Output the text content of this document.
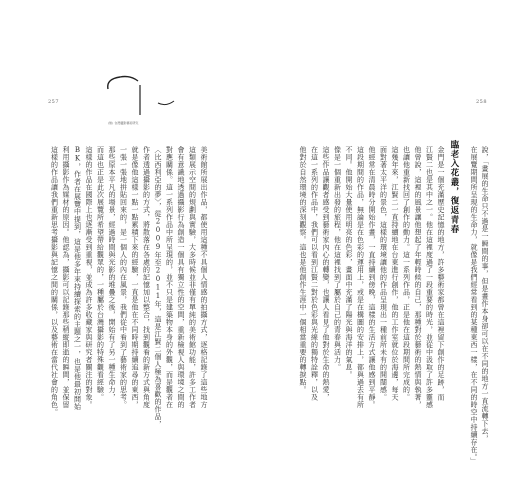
257
(無) 台灣攝影藝術研究
美術館所展出作品，都使用這種不具個人情感的拍攝方式，逐格記錄了這些地方
這類展示空間的規劃與實驗，大多時候並非僅有單純的美術館功能，許多工作者
會有意識地透過攝影行為創造一個具有獨立性的空間，重新檢視人與環境之間的
對應關係。這一系列作品中所呈現的，並不只是建築物本身的外觀，而是觀者在
〈比西利亞的夢〉，從2009年至2011年，這是江賢二個人極為喜歡的作品，
作者透過攝影的方式，將散落在各處的記憶加以整合，找到觀看的新方式與角度
就是像他這樣一點一點累積下來的經驗，一直是他在不同時期持續追尋的東西，
一張一張地拼貼回來的，是一個人的內在風景，我們從中看到了藝術家的思考。
那些原本平凡的場景，經過時間與光影的堆疊之後，開始有了另一種生命力，
而這也正是此次展覽所希望帶給觀眾的，一種屬於台灣攝影的特殊觀看經驗。
這樣的作品在國際上也逐漸受到重視，並成為許多收藏家與研究者關注的對象。
BK，作者在展覽中提到，這是他多年來持續探索的主題之一，也是他最初開始
利用攝影作為媒材的原因。他認為，攝影可以記錄那些稍縱即逝的瞬間，並保留
這樣的作品讓我們重新思考攝影與記憶之間的關係，以及藝術在當代社會的角色。
258
說，「畫展的生命只不過是一瞬間的事，但是畫作本身卻可以在不同的地方一直流轉下去，
在展覽期間所呈現的生命力，就像是我們經常看到的某種東西一樣，在不同的時空中持續存在。」
臨老入花叢，復返青春
金門是一個充滿歷史記憶的地方，許多藝術家都曾在這裡留下創作的足跡，而
江賢二也是其中之一。他在這裡度過了一段重要的時光，並從中汲取了許多靈感
他曾說，這裡的風景讓他想起了年輕時候的自己，那種對於藝術的熱情與執著，
也讓他重新找回了創作的動力。這一系列作品，正是他在這段期間所完成的。
這幾年來，江賢二一直持續地在台東進行創作，他的工作室就位於海邊，每天
面對著太平洋的景色，這樣的環境讓他的作品呈現出一種前所未有的開闊感。
他經常在清晨時分開始作畫，一直持續到傍晚，這樣的生活方式讓他感到平靜。
這段期間的作品，無論是在色彩的運用上，或是在構圖的安排上，都與過去有所
不同。他開始大量使用明亮的色彩，畫面中充滿了陽光與海洋的氣息。
像是一個重新出發的旅程，他在這裡找到了屬於自己的青春與活力。
這些作品讓觀者感受到藝術家內心的轉變，也讓人看見了他對於生命的熱愛，
在這一系列的作品中，我們可以看到江賢二對於色彩與光線的獨特詮釋，以及
他對於自然環境的深刻觀察。這也是他創作生涯中一個相當重要的轉捩點。
